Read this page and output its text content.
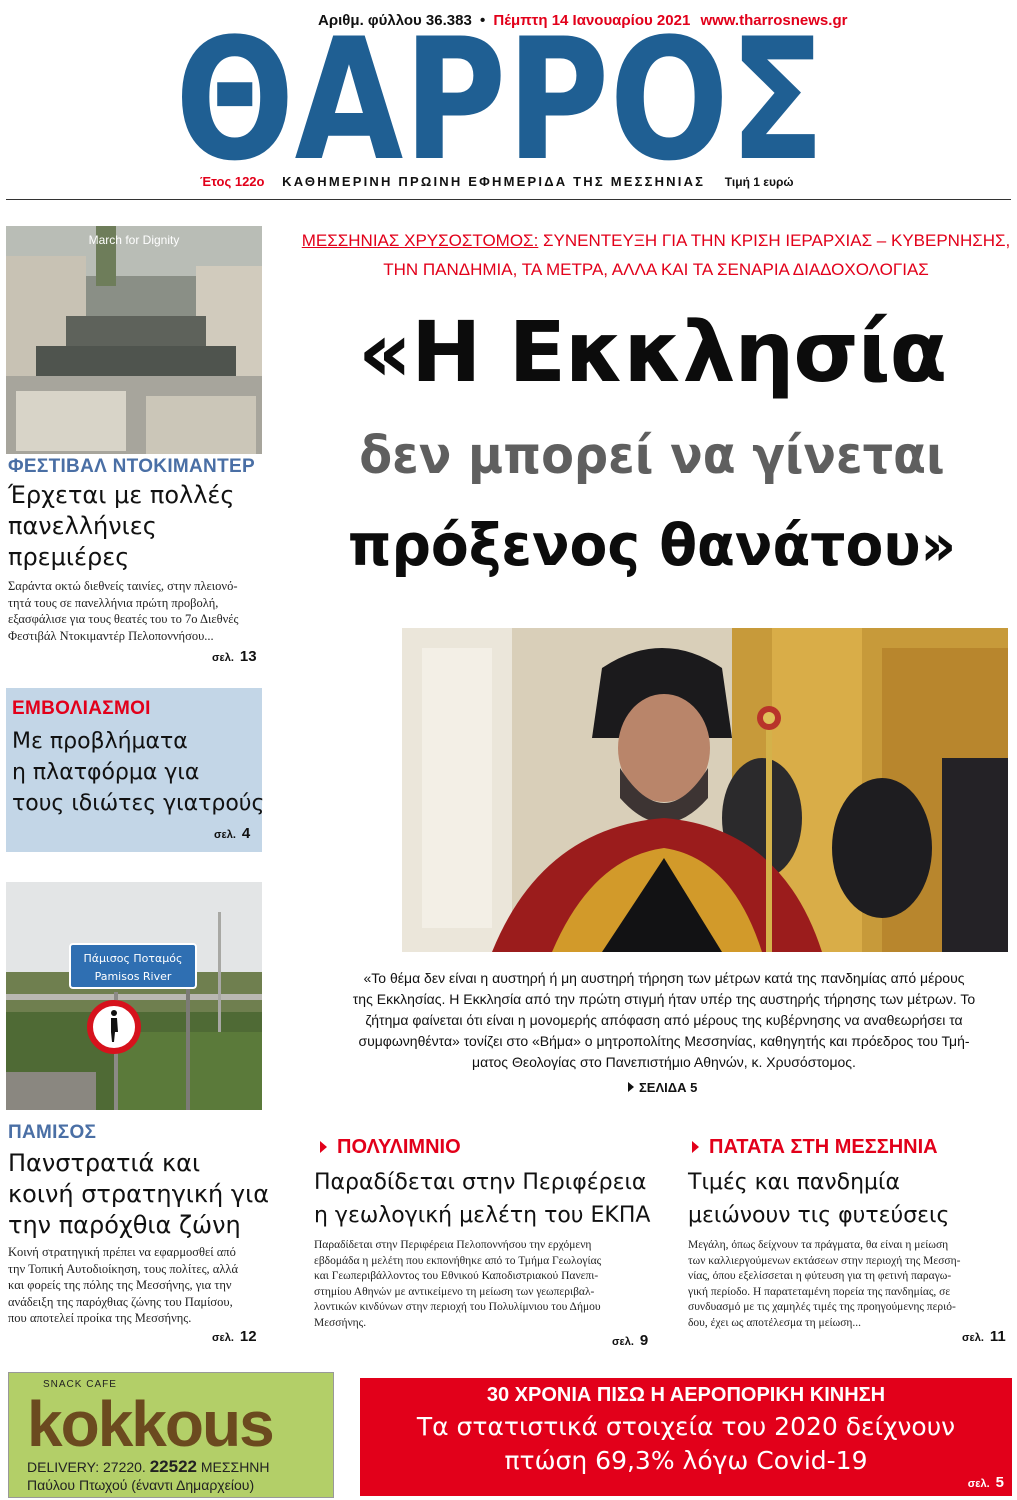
Αριθμ. φύλλου 36.383 • Πέμπτη 14 Ιανουαρίου 2021 www.tharrosnews.gr
ΘΑΡΡΟΣ
Έτος 122ο ΚΑΘΗΜΕΡΙΝΗ ΠΡΩΙΝΗ ΕΦΗΜΕΡΙΔΑ ΤΗΣ ΜΕΣΣΗΝΙΑΣ Τιμή 1 ευρώ
March for Dignity
ΦΕΣΤΙΒΑΛ ΝΤΟΚΙΜΑΝΤΕΡ
Έρχεται με πολλές
πανελλήνιες
πρεμιέρες
Σαράντα οκτώ διεθνείς ταινίες, στην πλειονό-
τητά τους σε πανελλήνια πρώτη προβολή,
εξασφάλισε για τους θεατές του το 7ο Διεθνές
Φεστιβάλ Ντοκιμαντέρ Πελοποννήσου...
σελ. 13
ΕΜΒΟΛΙΑΣΜΟΙ
Με προβλήματα
η πλατφόρμα για
τους ιδιώτες γιατρούς
σελ. 4
Πάμισος Ποταμός
Pamisos River
ΠΑΜΙΣΟΣ
Πανστρατιά και
κοινή στρατηγική για
την παρόχθια ζώνη
Κοινή στρατηγική πρέπει να εφαρμοσθεί από
την Τοπική Αυτοδιοίκηση, τους πολίτες, αλλά
και φορείς της πόλης της Μεσσήνης, για την
ανάδειξη της παρόχθιας ζώνης του Παμίσου,
που αποτελεί προίκα της Μεσσήνης.
σελ. 12
ΜΕΣΣΗΝΙΑΣ ΧΡΥΣΟΣΤΟΜΟΣ: ΣΥΝΕΝΤΕΥΞΗ ΓΙΑ ΤΗΝ ΚΡΙΣΗ ΙΕΡΑΡΧΙΑΣ – ΚΥΒΕΡΝΗΣΗΣ,
ΤΗΝ ΠΑΝΔΗΜΙΑ, ΤΑ ΜΕΤΡΑ, ΑΛΛΑ ΚΑΙ ΤΑ ΣΕΝΑΡΙΑ ΔΙΑΔΟΧΟΛΟΓΙΑΣ
«Η Εκκλησία
δεν μπορεί να γίνεται
πρόξενος θανάτου»
«Το θέμα δεν είναι η αυστηρή ή μη αυστηρή τήρηση των μέτρων κατά της πανδημίας από μέρους
της Εκκλησίας. Η Εκκλησία από την πρώτη στιγμή ήταν υπέρ της αυστηρής τήρησης των μέτρων. Το
ζήτημα φαίνεται ότι είναι η μονομερής απόφαση από μέρους της κυβέρνησης να αναθεωρήσει τα
συμφωνηθέντα» τονίζει στο «Βήμα» ο μητροπολίτης Μεσσηνίας, καθηγητής και πρόεδρος του Τμή-
ματος Θεολογίας στο Πανεπιστήμιο Αθηνών, κ. Χρυσόστομος.
ΣΕΛΙΔΑ 5
ΠΟΛΥΛΙΜΝΙΟ
Παραδίδεται στην Περιφέρεια
η γεωλογική μελέτη του ΕΚΠΑ
Παραδίδεται στην Περιφέρεια Πελοποννήσου την ερχόμενη
εβδομάδα η μελέτη που εκπονήθηκε από το Τμήμα Γεωλογίας
και Γεωπεριβάλλοντος του Εθνικού Καποδιστριακού Πανεπι-
στημίου Αθηνών με αντικείμενο τη μείωση των γεωπεριβαλ-
λοντικών κινδύνων στην περιοχή του Πολυλίμνιου του Δήμου
Μεσσήνης.
σελ. 9
ΠΑΤΑΤΑ ΣΤΗ ΜΕΣΣΗΝΙΑ
Τιμές και πανδημία
μειώνουν τις φυτεύσεις
Μεγάλη, όπως δείχνουν τα πράγματα, θα είναι η μείωση
των καλλιεργούμενων εκτάσεων στην περιοχή της Μεσση-
νίας, όπου εξελίσσεται η φύτευση για τη φετινή παραγω-
γική περίοδο. Η παρατεταμένη πορεία της πανδημίας, σε
συνδυασμό με τις χαμηλές τιμές της προηγούμενης περιό-
δου, έχει ως αποτέλεσμα τη μείωση...
σελ. 11
SNACK CAFE
kokkous
DELIVERY: 27220. 22522 ΜΕΣΣΗΝΗ
Παύλου Πτωχού (έναντι Δημαρχείου)
30 ΧΡΟΝΙΑ ΠΙΣΩ Η ΑΕΡΟΠΟΡΙΚΗ ΚΙΝΗΣΗ
Τα στατιστικά στοιχεία του 2020 δείχνουν
πτώση 69,3% λόγω Covid-19
σελ. 5
